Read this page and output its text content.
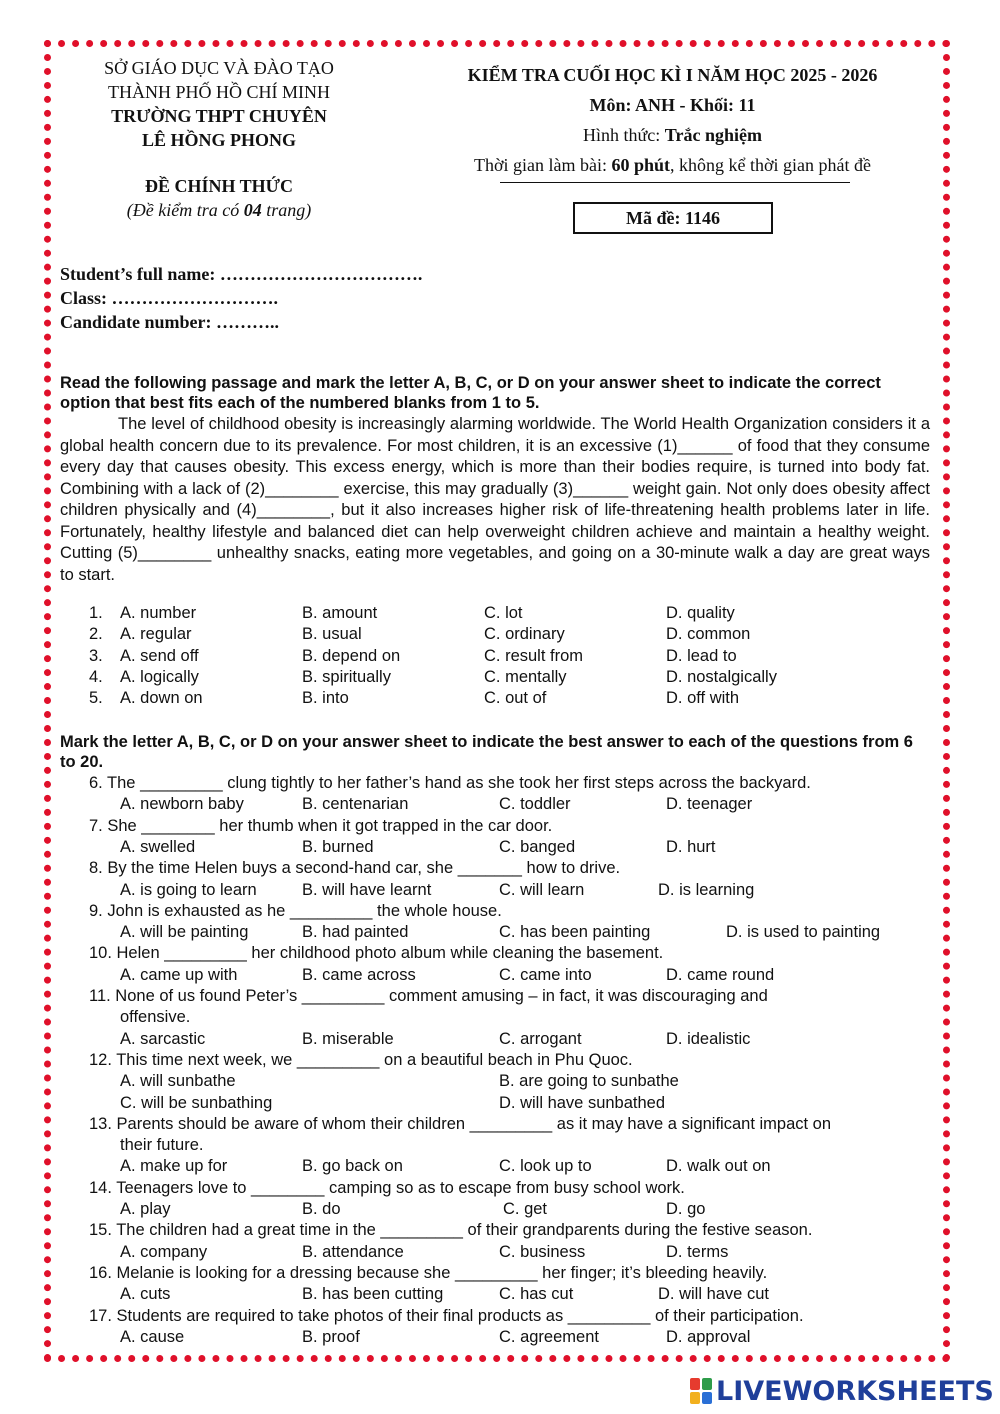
SỞ GIÁO DỤC VÀ ĐÀO TẠO
THÀNH PHỐ HỒ CHÍ MINH
TRƯỜNG THPT CHUYÊN
LÊ HỒNG PHONG
ĐỀ CHÍNH THỨC
(Đề kiểm tra có 04 trang)
KIỂM TRA CUỐI HỌC KÌ I NĂM HỌC 2025 - 2026
Môn: ANH - Khối: 11
Hình thức: Trắc nghiệm
Thời gian làm bài: 60 phút, không kể thời gian phát đề
Mã đề: 1146
Student’s full name: …………………………….
Class: ……………………….
Candidate number: ………..
Read the following passage and mark the letter A, B, C, or D on your answer sheet to indicate the correct option that best fits each of the numbered blanks from 1 to 5.
The level of childhood obesity is increasingly alarming worldwide. The World Health Organization considers it a global health concern due to its prevalence. For most children, it is an excessive (1)______ of food that they consume every day that causes obesity. This excess energy, which is more than their bodies require, is turned into body fat. Combining with a lack of (2)________ exercise, this may gradually (3)______ weight gain. Not only does obesity affect children physically and (4)________, but it also increases higher risk of life-threatening health problems later in life. Fortunately, healthy lifestyle and balanced diet can help overweight children achieve and maintain a healthy weight. Cutting (5)________ unhealthy snacks, eating more vegetables, and going on a 30-minute walk a day are great ways to start.
1. A. number	B. amount	C. lot	D. quality
2. A. regular	B. usual	C. ordinary	D. common
3. A. send off	B. depend on	C. result from	D. lead to
4. A. logically	B. spiritually	C. mentally	D. nostalgically
5. A. down on	B. into	C. out of	D. off with
Mark the letter A, B, C, or D on your answer sheet to indicate the best answer to each of the questions from 6 to 20.
6. The _________ clung tightly to her father’s hand as she took her first steps across the backyard.
A. newborn baby	B. centenarian	C. toddler	D. teenager
7. She ________ her thumb when it got trapped in the car door.
A. swelled	B. burned	C. banged	D. hurt
8. By the time Helen buys a second-hand car, she _______ how to drive.
A. is going to learn	B. will have learnt	C. will learn	D. is learning
9. John is exhausted as he _________ the whole house.
A. will be painting	B. had painted	C. has been painting	D. is used to painting
10. Helen _________ her childhood photo album while cleaning the basement.
A. came up with	B. came across	C. came into	D. came round
11. None of us found Peter’s _________ comment amusing – in fact, it was discouraging and
offensive.
A. sarcastic	B. miserable	C. arrogant	D. idealistic
12. This time next week, we _________ on a beautiful beach in Phu Quoc.
A. will sunbathe	B. are going to sunbathe
C. will be sunbathing	D. will have sunbathed
13. Parents should be aware of whom their children _________ as it may have a significant impact on
their future.
A. make up for	B. go back on	C. look up to	D. walk out on
14. Teenagers love to ________ camping so as to escape from busy school work.
A. play	B. do	C. get	D. go
15. The children had a great time in the _________ of their grandparents during the festive season.
A. company	B. attendance	C. business	D. terms
16. Melanie is looking for a dressing because she _________ her finger; it’s bleeding heavily.
A. cuts	B. has been cutting	C. has cut	D. will have cut
17. Students are required to take photos of their final products as _________ of their participation.
A. cause	B. proof	C. agreement	D. approval
LIVEWORKSHEETS
